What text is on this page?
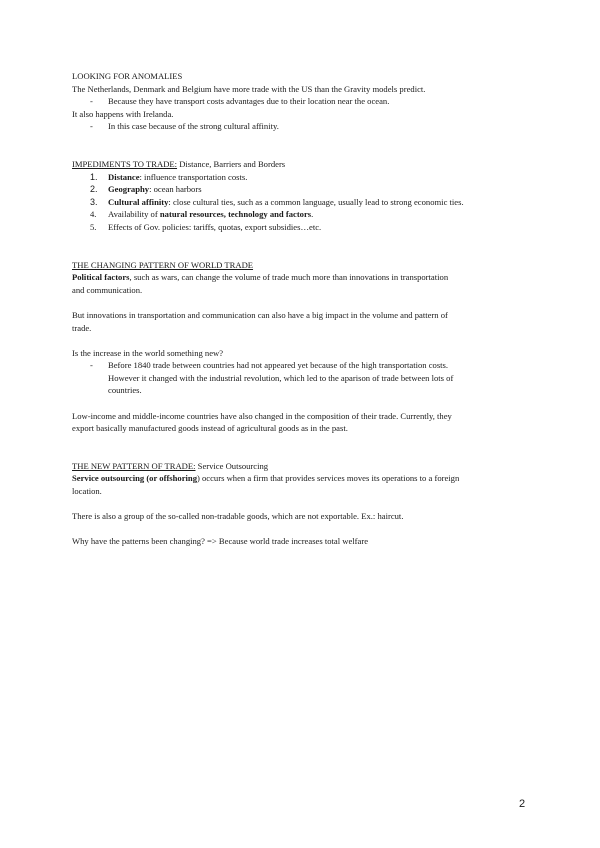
LOOKING FOR ANOMALIES

The Netherlands, Denmark and Belgium have more trade with the US than the Gravity models predict.

- Because they have transport costs advantages due to their location near the ocean.

It also happens with Irelanda.

- In this case because of the strong cultural affinity.

IMPEDIMENTS TO TRADE: Distance, Barriers and Borders

1. Distance: influence transportation costs.
2. Geography: ocean harbors
3. Cultural affinity: close cultural ties, such as a common language, usually lead to strong economic ties.
4. Availability of natural resources, technology and factors.
5. Effects of Gov. policies: tariffs, quotas, export subsidies…etc.

THE CHANGING PATTERN OF WORLD TRADE

Political factors, such as wars, can change the volume of trade much more than innovations in transportation

and communication.

But innovations in transportation and communication can also have a big impact in the volume and pattern of

trade.

Is the increase in the world something new?

- Before 1840 trade between countries had not appeared yet because of the high transportation costs.
However it changed with the industrial revolution, which led to the aparison of trade between lots of
countries.

Low-income and middle-income countries have also changed in the composition of their trade. Currently, they

export basically manufactured goods instead of agricultural goods as in the past.

THE NEW PATTERN OF TRADE: Service Outsourcing

Service outsourcing (or offshoring) occurs when a firm that provides services moves its operations to a foreign

location.

There is also a group of the so-called non-tradable goods, which are not exportable. Ex.: haircut.

Why have the patterns been changing? => Because world trade increases total welfare

2
